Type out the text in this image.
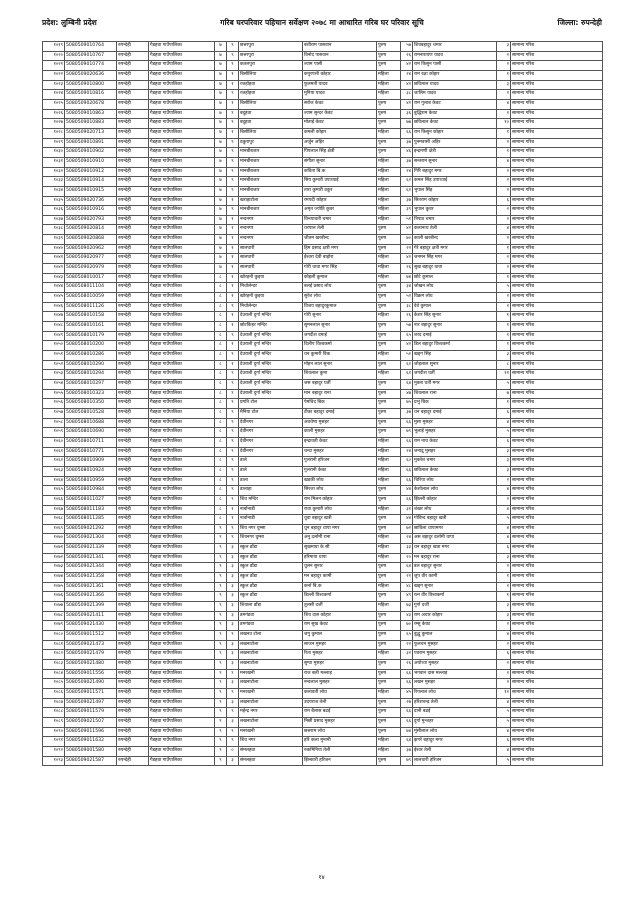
प्रदेश: लुम्बिनी प्रदेश	गरिब घरपरिवार पहिचान सर्वेक्षण २०७८ मा आधारित गरिब घर परिवार सूचि	जिल्ला: रुपन्देही
१०१९	5080509010764	रुपन्देही	गैडहवा गाउँपालिका	७	९	छत्तरपुरा	बंशीराम पासवान	पुरुष	५७	शिवबहादुर चमार	३	सामान्य गरिब
१०२०	5080509010767	रुपन्देही	गैडहवा गाउँपालिका	७	९	छत्तरपुरा	विनोद पासवान	पुरुष	२६	रामनारायण यादव	२	सामान्य गरिब
१०२१	5080509010774	रुपन्देही	गैडहवा गाउँपालिका	७	९	कतलपुरा	श्याम पासी	पुरुष	४२	राम किसुन पासी	२	सामान्य गरिब
१०२२	5080509020636	रुपन्देही	गैडहवा गाउँपालिका	७	१	बिसौलिया	कपुरपत्ती कोहार	महिला	२४	राम रक्षा कोहार	१	सामान्य गरिब
१०२३	5080509010800	रुपन्देही	गैडहवा गाउँपालिका	७	१	रजहोहवा	फुलमती यादव	महिला	४२	छविलाल यादव	३	सामान्य गरिब
१०२४	5080509010816	रुपन्देही	गैडहवा गाउँपालिका	७	९	रजहोहवा	मुनिया यादव	महिला	३८	जालिम यादव	२	सामान्य गरिब
१०२५	5080509020678	रुपन्देही	गैडहवा गाउँपालिका	७	१	बिसौलिया	सरोज केवट	पुरुष	४२	राम गुलाब केवट	४	सामान्य गरिब
१०२६	5080509010863	रुपन्देही	गैडहवा गाउँपालिका	७	९	बदुहवा	श्याम सुन्दर केवट	पुरुष	३६	बुद्धिराम केवट	२	सामान्य गरिब
१०२७	5080509010883	रुपन्देही	गैडहवा गाउँपालिका	७	९	बदुहवा	मोताई केवट	पुरुष	७७	छविलाल केवट	१०	सामान्य गरिब
१०२८	5080509020713	रुपन्देही	गैडहवा गाउँपालिका	७	१	बिसौलिया	कमली कोहार	महिला	६६	राम किसुन कोहार	१	सामान्य गरिब
१०२९	5080509010891	रुपन्देही	गैडहवा गाउँपालिका	७	९	ठकुरापुर	अर्जुन अहिर	पुरुष	३७	पुनमवासी अहिर	२	सामान्य गरिब
१०३०	5080509010902	रुपन्देही	गैडहवा गाउँपालिका	७	९	मानबीबजार	पिपलाल सिंह क्षेत्री	पुरुष	४६	इन्द्रमणी क्षेत्री	१	सामान्य गरिब
१०३१	5080509010910	रुपन्देही	गैडहवा गाउँपालिका	७	९	मानबीबजार	संगीता सुनार	महिला	३७	सन्तराम सुनार	४	सामान्य गरिब
१०३२	5080509010912	रुपन्देही	गैडहवा गाउँपालिका	७	९	मानबीबजार	कविता बि.क	महिला	२४	गिरि बहादुर मगर	२	सामान्य गरिब
१०३३	5080509010914	रुपन्देही	गैडहवा गाउँपालिका	७	९	मानबीबजार	सिय कुमारी उपाध्याई	महिला	६२	कमल सिंह उपाध्याई	२	सामान्य गरिब
१०३४	5080509010915	रुपन्देही	गैडहवा गाउँपालिका	७	९	मानबीबजार	तारा कुमारी ठकुर	महिला	६२	भुपाल सिंह	२	सामान्य गरिब
१०३५	5080509020736	रुपन्देही	गैडहवा गाउँपालिका	७	१	खराहाटोला	रमपदी कोहार	महिला	३७	सितराम कोहार	६	सामान्य गरिब
१०३६	5080509010916	रुपन्देही	गैडहवा गाउँपालिका	७	९	मानबीबजार	अमृत ज्योति कुवर	महिला	३९	भुपाल कुवर	२	सामान्य गरिब
१०३७	5080509020793	रुपन्देही	गैडहवा गाउँपालिका	७	१	नन्दनगर	विन्ध्यावती चमार	महिला	५१	त्रिपाठ चमार	२	सामान्य गरिब
१०३८	5080509020814	रुपन्देही	गैडहवा गाउँपालिका	७	१	नन्दनगर	धरपाल तेली	पुरुष	४२	कलानाथ तेली	४	सामान्य गरिब
१०३९	5080509020868	रुपन्देही	गैडहवा गाउँपालिका	७	१	नन्दनगर	जीतम खरबीन्द	पुरुष	७०	काली खरबीन्द	२	सामान्य गरिब
१०४०	5080509020962	रुपन्देही	गैडहवा गाउँपालिका	७	१	सालघारी	हिम प्रसाद क्षत्री मगर	पुरुष	२२	गेरे बहादुर क्षत्री मगर	१	सामान्य गरिब
१०४१	5080509020977	रुपन्देही	गैडहवा गाउँपालिका	७	१	सालघारी	ईश्वरा देवी बाहोरा	महिला	४२	जनमन सिंह मगर	२	सामान्य गरिब
१०४२	5080509020979	रुपन्देही	गैडहवा गाउँपालिका	७	१	सालघारी	गोरी धावा मगर सिंह	महिला	२६	सुख बहादुर धावा	२	सामान्य गरिब
१०४३	5080508010017	रुपन्देही	गैडहवा गाउँपालिका	८	१	खोरहनी कुइया	कोइली कुमाल	महिला	७४	छोटे कुमाल	१	सामान्य गरिब
१०४४	5080508011104	रुपन्देही	गैडहवा गाउँपालिका	८	१	मिचोलेन्दर	बलई प्रसाद लोध	पुरुष	३४	जोखन लोध	५	सामान्य गरिब
१०४५	5080508010059	रुपन्देही	गैडहवा गाउँपालिका	८	१	खोरहनी कुइया	सुरेश लोध	पुरुष	५२	विक्रम लोध	२	सामान्य गरिब
१०४६	5080508011126	रुपन्देही	गैडहवा गाउँपालिका	८	९	मिचोलेन्दर	विजय बहादुरकुमाल	पुरुष	३८	देवे कुमाल	२	सामान्य गरिब
१०४७	5080508010158	रुपन्देही	गैडहवा गाउँपालिका	८	१	देउराली दुर्गा मन्दिर	गोरी सुनार	महिला	२६	केशर सिंह सुनार	१	सामान्य गरिब
१०४८	5080508010161	रुपन्देही	गैडहवा गाउँपालिका	८	१	छोटकिहर मन्दिर	सुमनलाल सुनार	पुरुष	५७	नार बहादुर सुनार	१	सामान्य गरिब
१०४९	5080508010179	रुपन्देही	गैडहवा गाउँपालिका	८	९	देउराली दुर्गा मन्दिर	जगदीश दमाई	पुरुष	६५	शरद दमाई	१	सामान्य गरिब
१०५०	5080508010200	रुपन्देही	गैडहवा गाउँपालिका	८	१	देउराली दुर्गा मन्दिर	दिलीप विश्वकर्मा	पुरुष	४२	डिल बहादुर विश्वकर्मा	१	सामान्य गरिब
१०५१	5080508010286	रुपन्देही	गैडहवा गाउँपालिका	८	९	देउराली दुर्गा मन्दिर	धन कुमारी विक	महिला	५२	खड्ग सिंह	३	सामान्य गरिब
१०५२	5080508010290	रुपन्देही	गैडहवा गाउँपालिका	८	१	देउराली दुर्गा मन्दिर	मोहन लाल सुनार	पुरुष	६२	जोइलाल सुनार	८	सामान्य गरिब
१०५३	5080508010294	रुपन्देही	गैडहवा गाउँपालिका	८	९	देउराली दुर्गा मन्दिर	शिवलाल कुमा	महिला	६१	जगदीश घर्ती	११	सामान्य गरिब
१०५४	5080508010297	रुपन्देही	गैडहवा गाउँपालिका	८	९	देउराली दुर्गा मन्दिर	जस बहादुर घर्ती	पुरुष	६४	मुक्ता घर्ती मगर	५	सामान्य गरिब
१०५५	5080508010323	रुपन्देही	गैडहवा गाउँपालिका	८	९	देउराली दुर्गा मन्दिर	मान बहादुर राना	पुरुष	४७	शिवलाल राना	७	सामान्य गरिब
१०५६	5080508010350	रुपन्देही	गैडहवा गाउँपालिका	८	९	प्रगति टोल	पेमचिद बिक	पुरुष	७५	प्रभु बिक	१	सामान्य गरिब
१०५७	5080508010528	रुपन्देही	गैडहवा गाउँपालिका	८	९	मैनिया टोल	टीका बहादुर दमाई	पुरुष	३७	धन बहादुर दमाई	६	सामान्य गरिब
१०५८	5080508010688	रुपन्देही	गैडहवा गाउँपालिका	८	९	देवीनगर	अवधेष्य मुसहर	पुरुष	६६	मुसा मुसहर	४	सामान्य गरिब
१०५९	5080508010690	रुपन्देही	गैडहवा गाउँपालिका	८	९	देवीनगर	काली मुसहर	पुरुष	७९	भुलाई मुसहर	५	सामान्य गरिब
१०६०	5080508010711	रुपन्देही	गैडहवा गाउँपालिका	८	९	देवीनगर	इन्द्रावती केवट	महिला	६६	राम नाथ केवट	६	सामान्य गरिब
१०६१	5080508010771	रुपन्देही	गैडहवा गाउँपालिका	८	९	देवीनगर	चन्दा मुसहर	महिला	२४	जनाद्रु मुसहर	३	सामान्य गरिब
१०६२	5080508010909	रुपन्देही	गैडहवा गाउँपालिका	८	९	डाले	गुलरानी हरिजन	महिला	६०	मुक्तेश चमार	३	सामान्य गरिब
१०६३	5080508010924	रुपन्देही	गैडहवा गाउँपालिका	८	९	डाले	गुलरानी केवट	महिला	६६	छविलाल केवट	३	सामान्य गरिब
१०६४	5080508010959	रुपन्देही	गैडहवा गाउँपालिका	८	९	डाला	खडकी लोध	महिला	६६	चिरिया लोध	२	सामान्य गरिब
१०६५	5080508010984	रुपन्देही	गैडहवा गाउँपालिका	८	९	डालाहा	सिरजा लोध	पुरुष	४४	केशोलाल लोध	४	सामान्य गरिब
१०६६	5080508011027	रुपन्देही	गैडहवा गाउँपालिका	८	९	शिव मन्दिर	राम मिलन कोहार	पुरुष	६६	झिल्ली कोहार	२	सामान्य गरिब
१०६७	5080508011183	रुपन्देही	गैडहवा गाउँपालिका	८	१	नार्वानाडी	राधा कुमारी लोध	महिला	३१	शंखर लोध	४	सामान्य गरिब
१०६८	5080508011285	रुपन्देही	गैडहवा गाउँपालिका	८	१	नार्वानाडी	धुवा बहादुर खत्री	पुरुष	४४	गोविन्द बहादुर खत्री	५	सामान्य गरिब
१०६९	5080509021292	रुपन्देही	गैडहवा गाउँपालिका	९	९	शिव नगर धुम्सा	धुन बहादुर धापा मगर	पुरुष	७२	छाविला धापामगर	४	सामान्य गरिब
१०७०	5080509021304	रुपन्देही	गैडहवा गाउँपालिका	९	९	शिवनगर धुम्सा	अनु दर्लामी राना	महिला	२४	अस बहादुर दर्लामी धापा	४	सामान्य गरिब
१०७१	5080509021339	रुपन्देही	गैडहवा गाउँपालिका	९	३	स्कुल डाँडा	सुखमाया के सी	महिला	३३	धन बहादुर खत्रा मगर	६	सामान्य गरिब
१०७२	5080509021341	रुपन्देही	गैडहवा गाउँपालिका	९	३	स्कुल डाँडा	हरिमाया धापा	महिला	२०	मन बहादुर राना	३	सामान्य गरिब
१०७३	5080509021344	रुपन्देही	गैडहवा गाउँपालिका	९	३	स्कुल डाँडा	धुलन सुनार	पुरुष	६४	डल बहादुर सुनार	२	सामान्य गरिब
१०७४	5080509021358	रुपन्देही	गैडहवा गाउँपालिका	९	३	स्कुल डाँडा	मन बहादुर कामी	पुरुष	२२	जुप वीर कामी	१	सामान्य गरिब
१०७५	5080509021361	रुपन्देही	गैडहवा गाउँपालिका	९	३	स्कुल डाँडा	कर्ना बि.क	महिला	४८	खड्ग सुनार	२	सामान्य गरिब
१०७६	5080509021366	रुपन्देही	गैडहवा गाउँपालिका	९	३	स्कुल डाँडा	डिल्ली विश्वकर्मा	पुरुष	४९	रत्न वीर विश्वकर्मा	१	सामान्य गरिब
१०७७	5080509021399	रुपन्देही	गैडहवा गाउँपालिका	९	३	शिवाला डाँडा	तुलसी दर्जी	महिला	७३	गुर्गा दर्जी	३	सामान्य गरिब
१०७८	5080509021411	रुपन्देही	गैडहवा गाउँपालिका	९	३	डमगंडवा	शिव दास कोहार	पुरुष	४३	राम अधार कोहार	३	सामान्य गरिब
१०७९	5080509021430	रुपन्देही	गैडहवा गाउँपालिका	९	३	डमगंडवा	राम सुख केवट	पुरुष	७०	रम्सु केवट	२	सामान्य गरिब
१०८०	5080509011512	रुपन्देही	गैडहवा गाउँपालिका	९	९	लखनउ टोला	जगु कुमाल	पुरुष	६५	बुद्धु कुमाल	४	सामान्य गरिब
१०८१	5080509021473	रुपन्देही	गैडहवा गाउँपालिका	९	३	लखनाटोला	साजन मुसहर	पुरुष	२२	फुलचन मुसहर	२	सामान्य गरिब
१०८२	5080509021479	रुपन्देही	गैडहवा गाउँपालिका	९	३	लखनाटोला	रिता मुसहर	महिला	३२	पवराम मुसहर	६	सामान्य गरिब
१०८३	5080509021480	रुपन्देही	गैडहवा गाउँपालिका	९	३	लखनाटोला	सुग्वा मुसहर	पुरुष	२६	अयोध्या मुसहर	२	सामान्य गरिब
१०८४	5080509011556	रुपन्देही	गैडहवा गाउँपालिका	९	९	मनरखनी	राज बली मल्लाह	पुरुष	६६	भगवान दास मल्लाह	२	सामान्य गरिब
१०८५	5080509021490	रुपन्देही	गैडहवा गाउँपालिका	९	३	लखनाटोला	नन्दलाल मुसहर	पुरुष	६६	लखन मुसहर	२	सामान्य गरिब
१०८६	5080509011571	रुपन्देही	गैडहवा गाउँपालिका	९	९	मनरखनी	कलावती लोध	महिला	४५	रिपलाल लोध	१२	सामान्य गरिब
१०८७	5080509021497	रुपन्देही	गैडहवा गाउँपालिका	९	३	लखनाटोला	उदयराज तेली	पुरुष	२७	हरिशचन्द्र तेली	४	सामान्य गरिब
१०८८	5080509011579	रुपन्देही	गैडहवा गाउँपालिका	९	९	महेन्द्र नगर	राम बैलास बढई	पुरुष	६६	दानी बढई	५	सामान्य गरिब
१०८९	5080509021507	रुपन्देही	गैडहवा गाउँपालिका	९	३	लखनाटोला	मिस्री प्रसाद मुसहर	पुरुष	६६	दुर्गा मुन्शहर	५	सामान्य गरिब
१०९०	5080509011596	रुपन्देही	गैडहवा गाउँपालिका	९	९	मनरखनी	छत्तराम लोध	पुरुष	७४	मुंसीलाल लोध	४	सामान्य गरिब
१०९१	5080509011632	रुपन्देही	गैडहवा गाउँपालिका	९	९	शिव नगर	हरि कला मुनामी	महिला	६४	झगरे बहादुर मगर	६	सामान्य गरिब
१०९२	5080509001580	रुपन्देही	गैडहवा गाउँपालिका	९	०	संमलहवा	रुकमिनिया तेली	महिला	३७	ईश्वर तेली	४	सामान्य गरिब
१०९३	5080509021587	रुपन्देही	गैडहवा गाउँपालिका	९	३	संमलहवा	झिन्कारी हरिजन	पुरुष	७९	लालधारी हरिजन	५	सामान्य गरिब
१४
